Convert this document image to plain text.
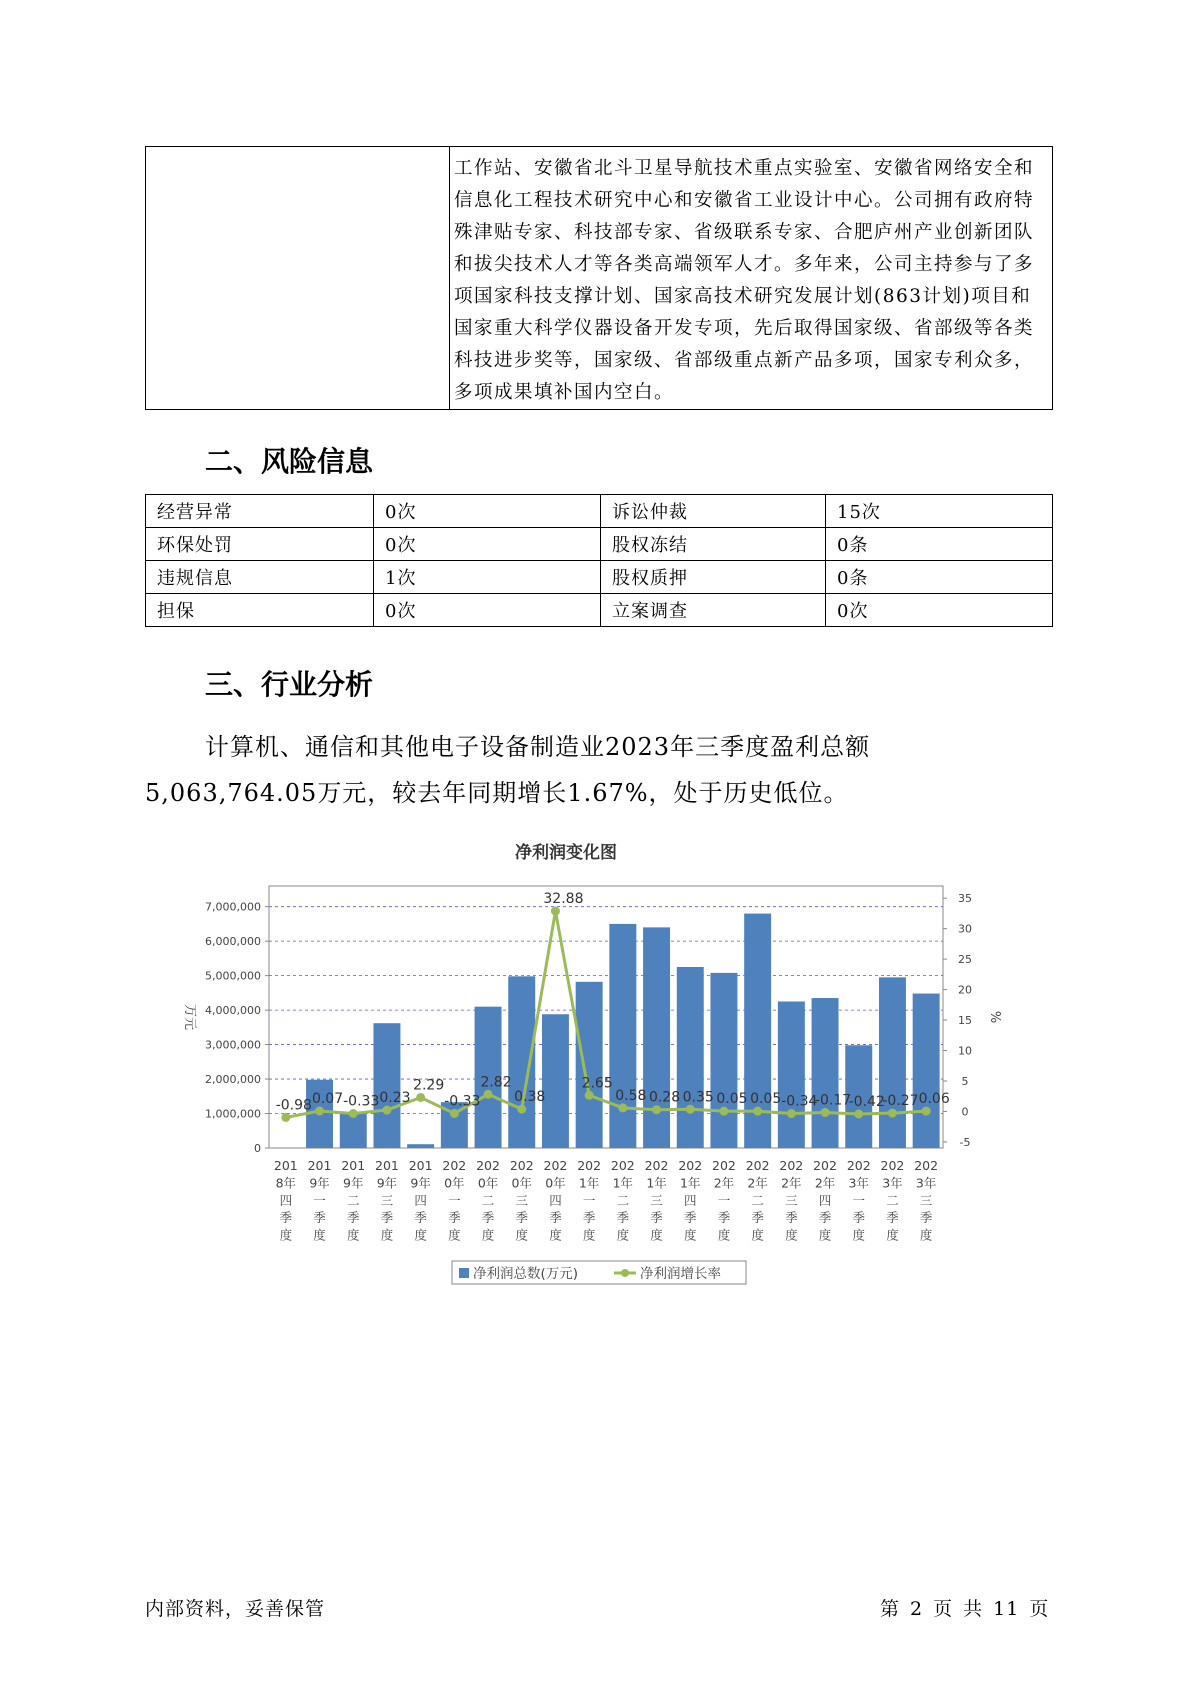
	工作站、安徽省北斗卫星导航技术重点实验室、安徽省网络安全和信息化工程技术研究中心和安徽省工业设计中心。公司拥有政府特殊津贴专家、科技部专家、省级联系专家、合肥庐州产业创新团队和拔尖技术人才等各类高端领军人才。多年来，公司主持参与了多项国家科技支撑计划、国家高技术研究发展计划(863计划)项目和国家重大科学仪器设备开发专项，先后取得国家级、省部级等各类科技进步奖等，国家级、省部级重点新产品多项，国家专利众多，多项成果填补国内空白。
二、风险信息
经营异常	0次	诉讼仲裁	15次
环保处罚	0次	股权冻结	0条
违规信息	1次	股权质押	0条
担保	0次	立案调查	0次
三、行业分析

计算机、通信和其他电子设备制造业2023年三季度盈利总额
5,063,764.05万元，较去年同期增长1.67%，处于历史低位。

净利润变化图
0
1,000,000
2,000,000
3,000,000
4,000,000
5,000,000
6,000,000
7,000,000
万元
-5
0
5
10
15
20
25
30
35
%
201 8年四季度
201 9年一季度
201 9年二季度
201 9年三季度
201 9年四季度
202 0年一季度
202 0年二季度
202 0年三季度
202 0年四季度
202 1年一季度
202 1年二季度
202 1年三季度
202 1年四季度
202 2年一季度
202 2年二季度
202 2年三季度
202 2年四季度
202 3年一季度
202 3年二季度
202 3年三季度
-0.98 0.07 -0.33 0.23
2.29
-0.33
2.82
0.38
32.88
2.65
0.58 0.28 0.35 0.05 0.05 -0.34
-0.17
-0.42
-0.27 0.06
净利润总数(万元)	净利润增长率
内部资料，妥善保管	第 2 页 共 11 页
